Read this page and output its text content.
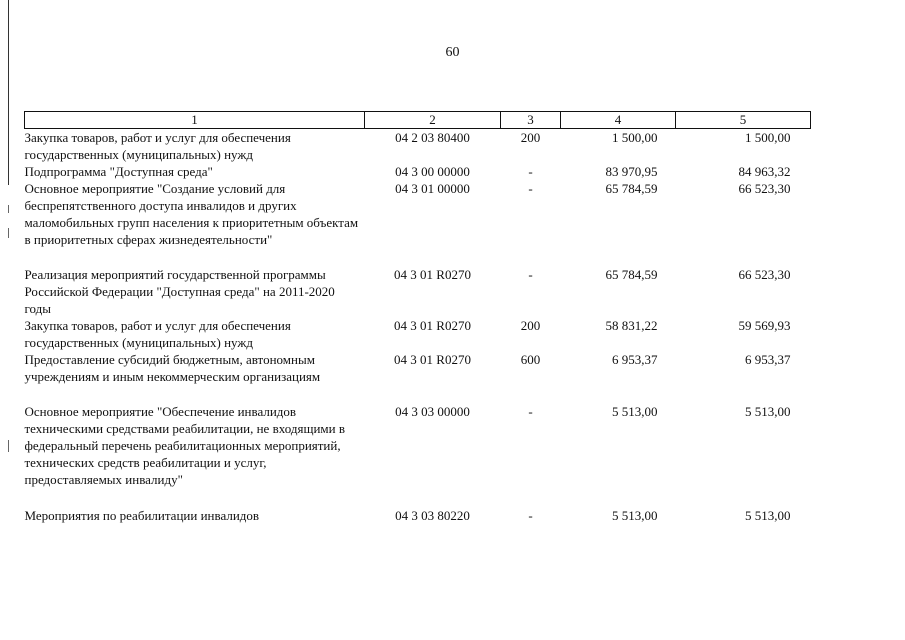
60
1	2	3	4	5
Закупка товаров, работ и услуг для обеспечения государственных (муниципальных) нужд	04 2 03 80400	200	1 500,00	1 500,00
Подпрограмма "Доступная среда"	04 3 00 00000	-	83 970,95	84 963,32
Основное мероприятие "Создание условий для беспрепятственного доступа инвалидов и других маломобильных групп населения к приоритетным объектам в приоритетных сферах жизнедеятельности"	04 3 01 00000	-	65 784,59	66 523,30
Реализация мероприятий государственной программы Российской Федерации "Доступная среда" на 2011-2020 годы	04 3 01 R0270	-	65 784,59	66 523,30
Закупка товаров, работ и услуг для обеспечения государственных (муниципальных) нужд	04 3 01 R0270	200	58 831,22	59 569,93
Предоставление субсидий бюджетным, автономным учреждениям и иным некоммерческим организациям	04 3 01 R0270	600	6 953,37	6 953,37
Основное мероприятие "Обеспечение инвалидов техническими средствами реабилитации, не входящими в федеральный перечень реабилитационных мероприятий, технических средств реабилитации и услуг, предоставляемых инвалиду"	04 3 03 00000	-	5 513,00	5 513,00
Мероприятия по реабилитации инвалидов	04 3 03 80220	-	5 513,00	5 513,00
